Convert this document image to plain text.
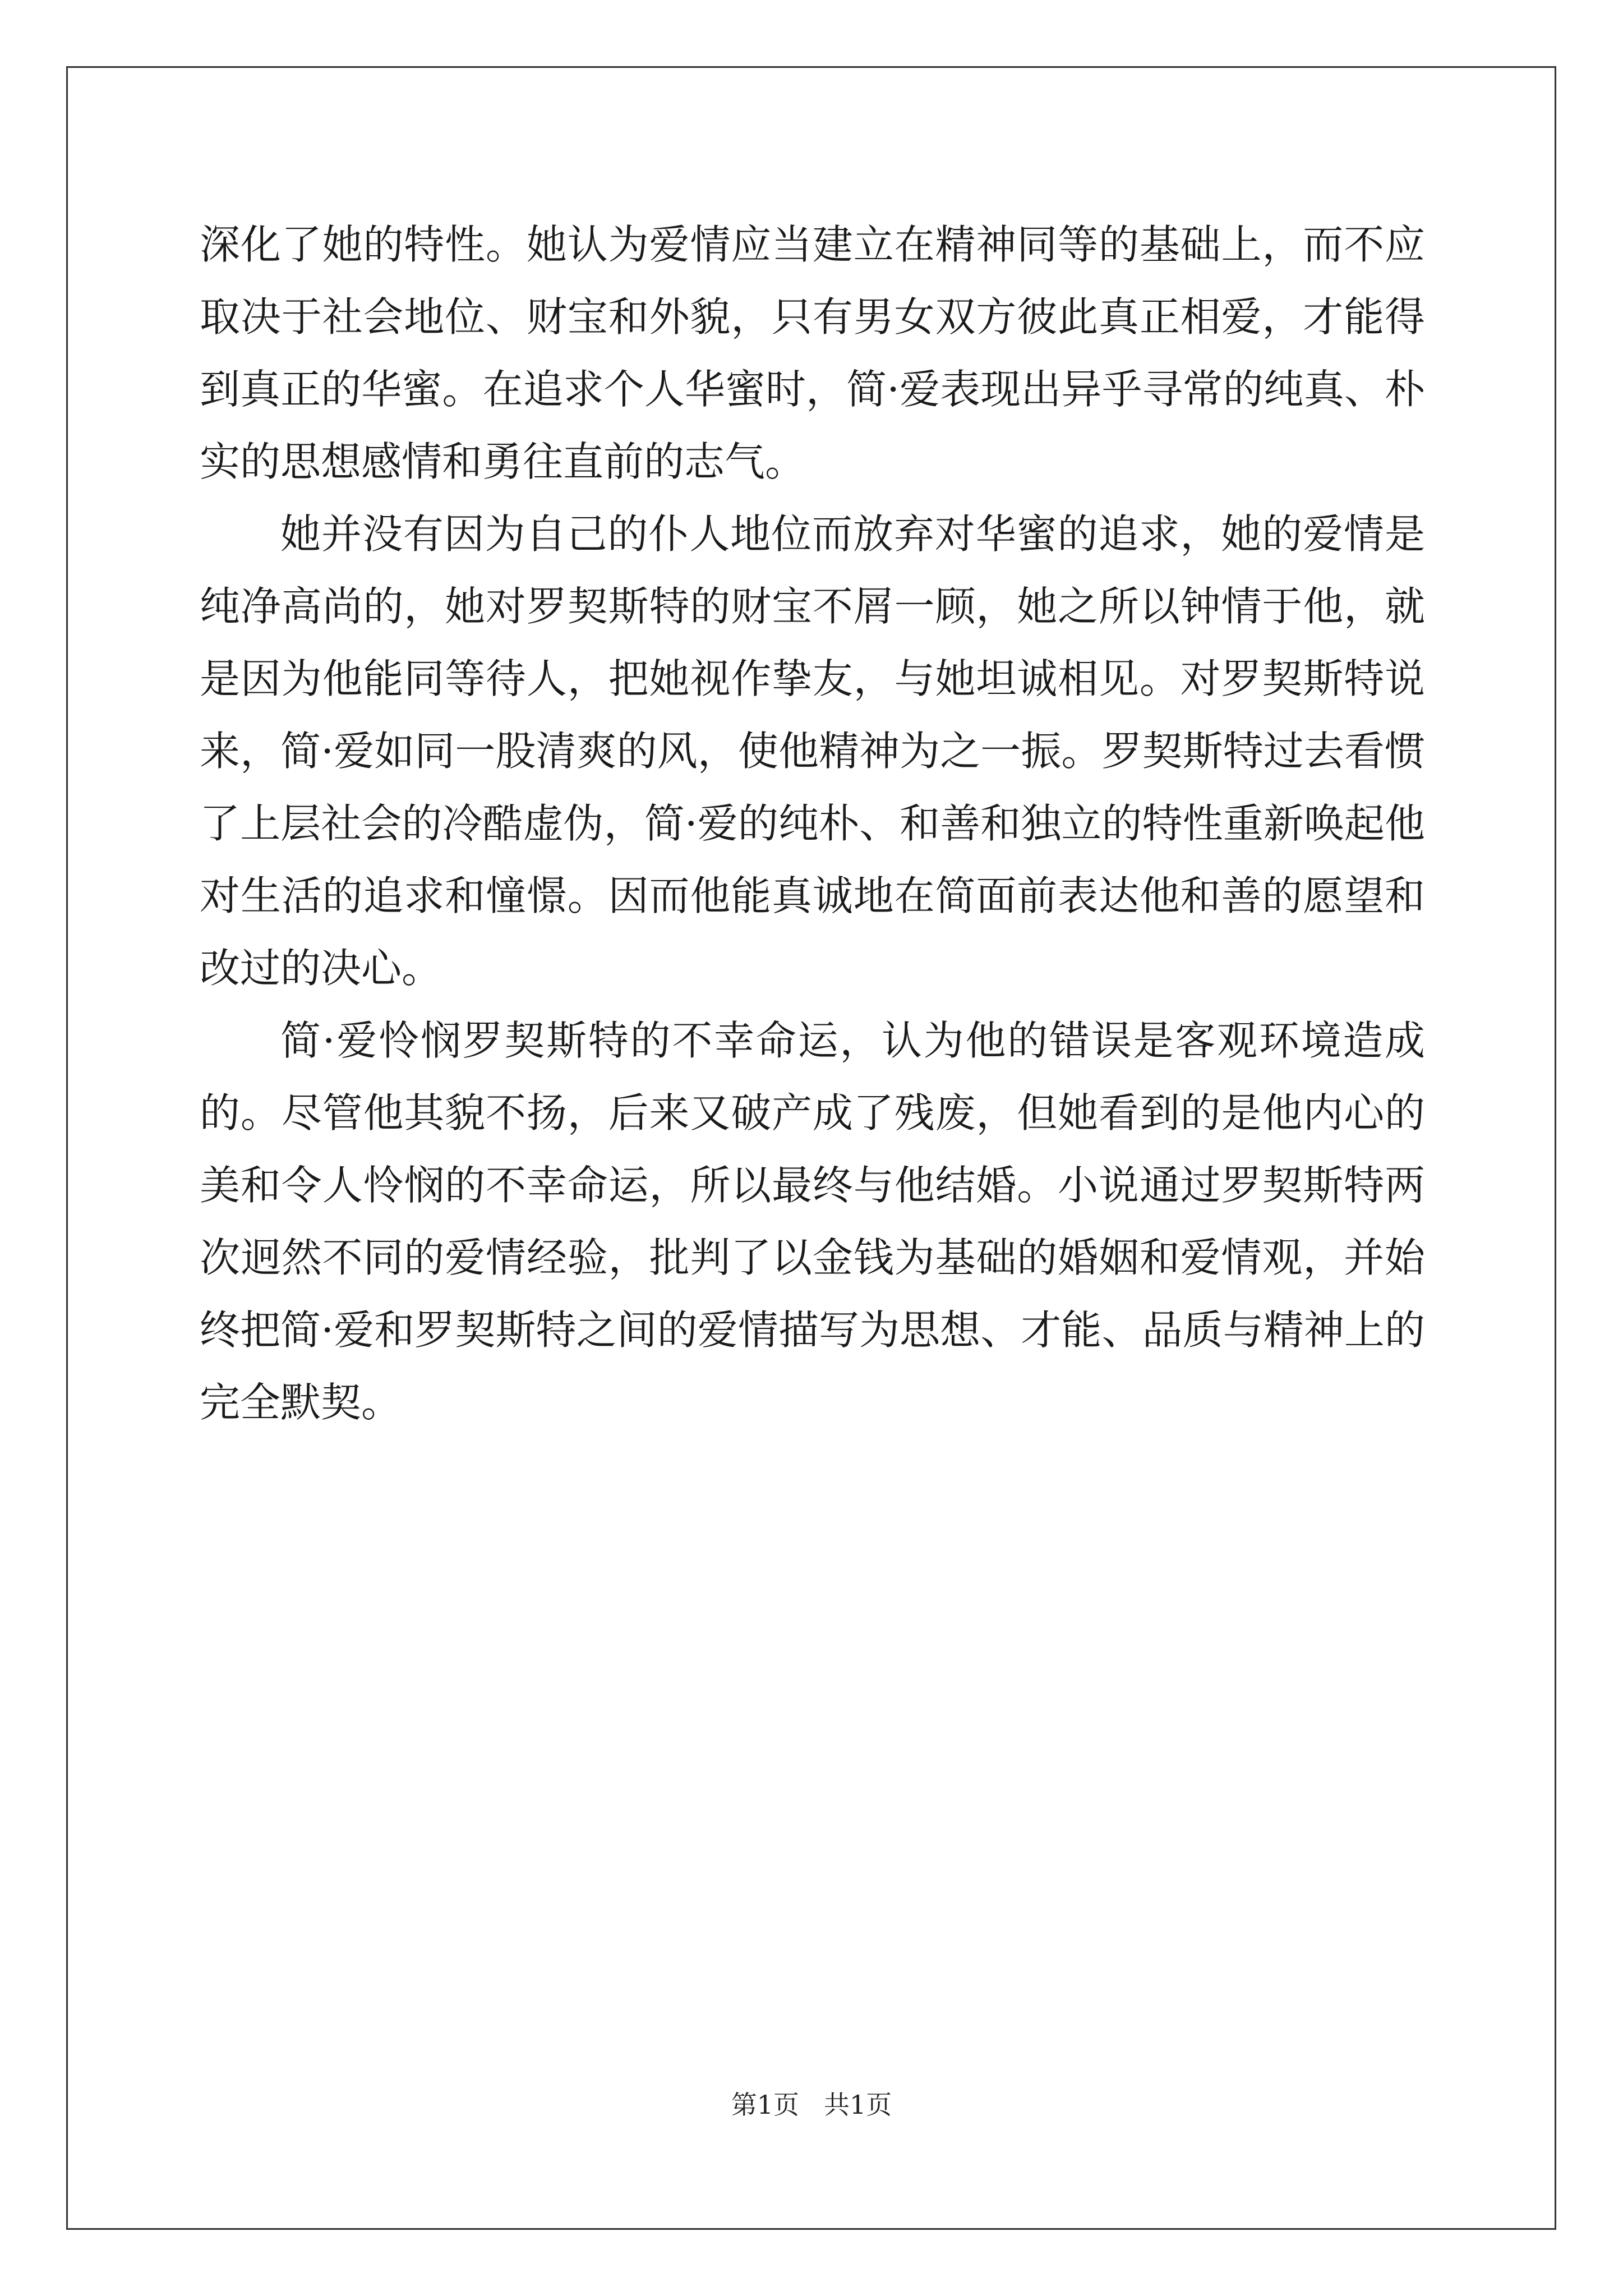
深化了她的特性。她认为爱情应当建立在精神同等的基础上，而不应取决于社会地位、财宝和外貌，只有男女双方彼此真正相爱，才能得到真正的华蜜。在追求个人华蜜时，简·爱表现出异乎寻常的纯真、朴实的思想感情和勇往直前的志气。

她并没有因为自己的仆人地位而放弃对华蜜的追求，她的爱情是纯净高尚的，她对罗契斯特的财宝不屑一顾，她之所以钟情于他，就是因为他能同等待人，把她视作挚友，与她坦诚相见。对罗契斯特说来，简·爱如同一股清爽的风，使他精神为之一振。罗契斯特过去看惯了上层社会的冷酷虚伪，简·爱的纯朴、和善和独立的特性重新唤起他对生活的追求和憧憬。因而他能真诚地在简面前表达他和善的愿望和改过的决心。

简·爱怜悯罗契斯特的不幸命运，认为他的错误是客观环境造成的。尽管他其貌不扬，后来又破产成了残废，但她看到的是他内心的美和令人怜悯的不幸命运，所以最终与他结婚。小说通过罗契斯特两次迥然不同的爱情经验，批判了以金钱为基础的婚姻和爱情观，并始终把简·爱和罗契斯特之间的爱情描写为思想、才能、品质与精神上的完全默契。

第1页 共1页
